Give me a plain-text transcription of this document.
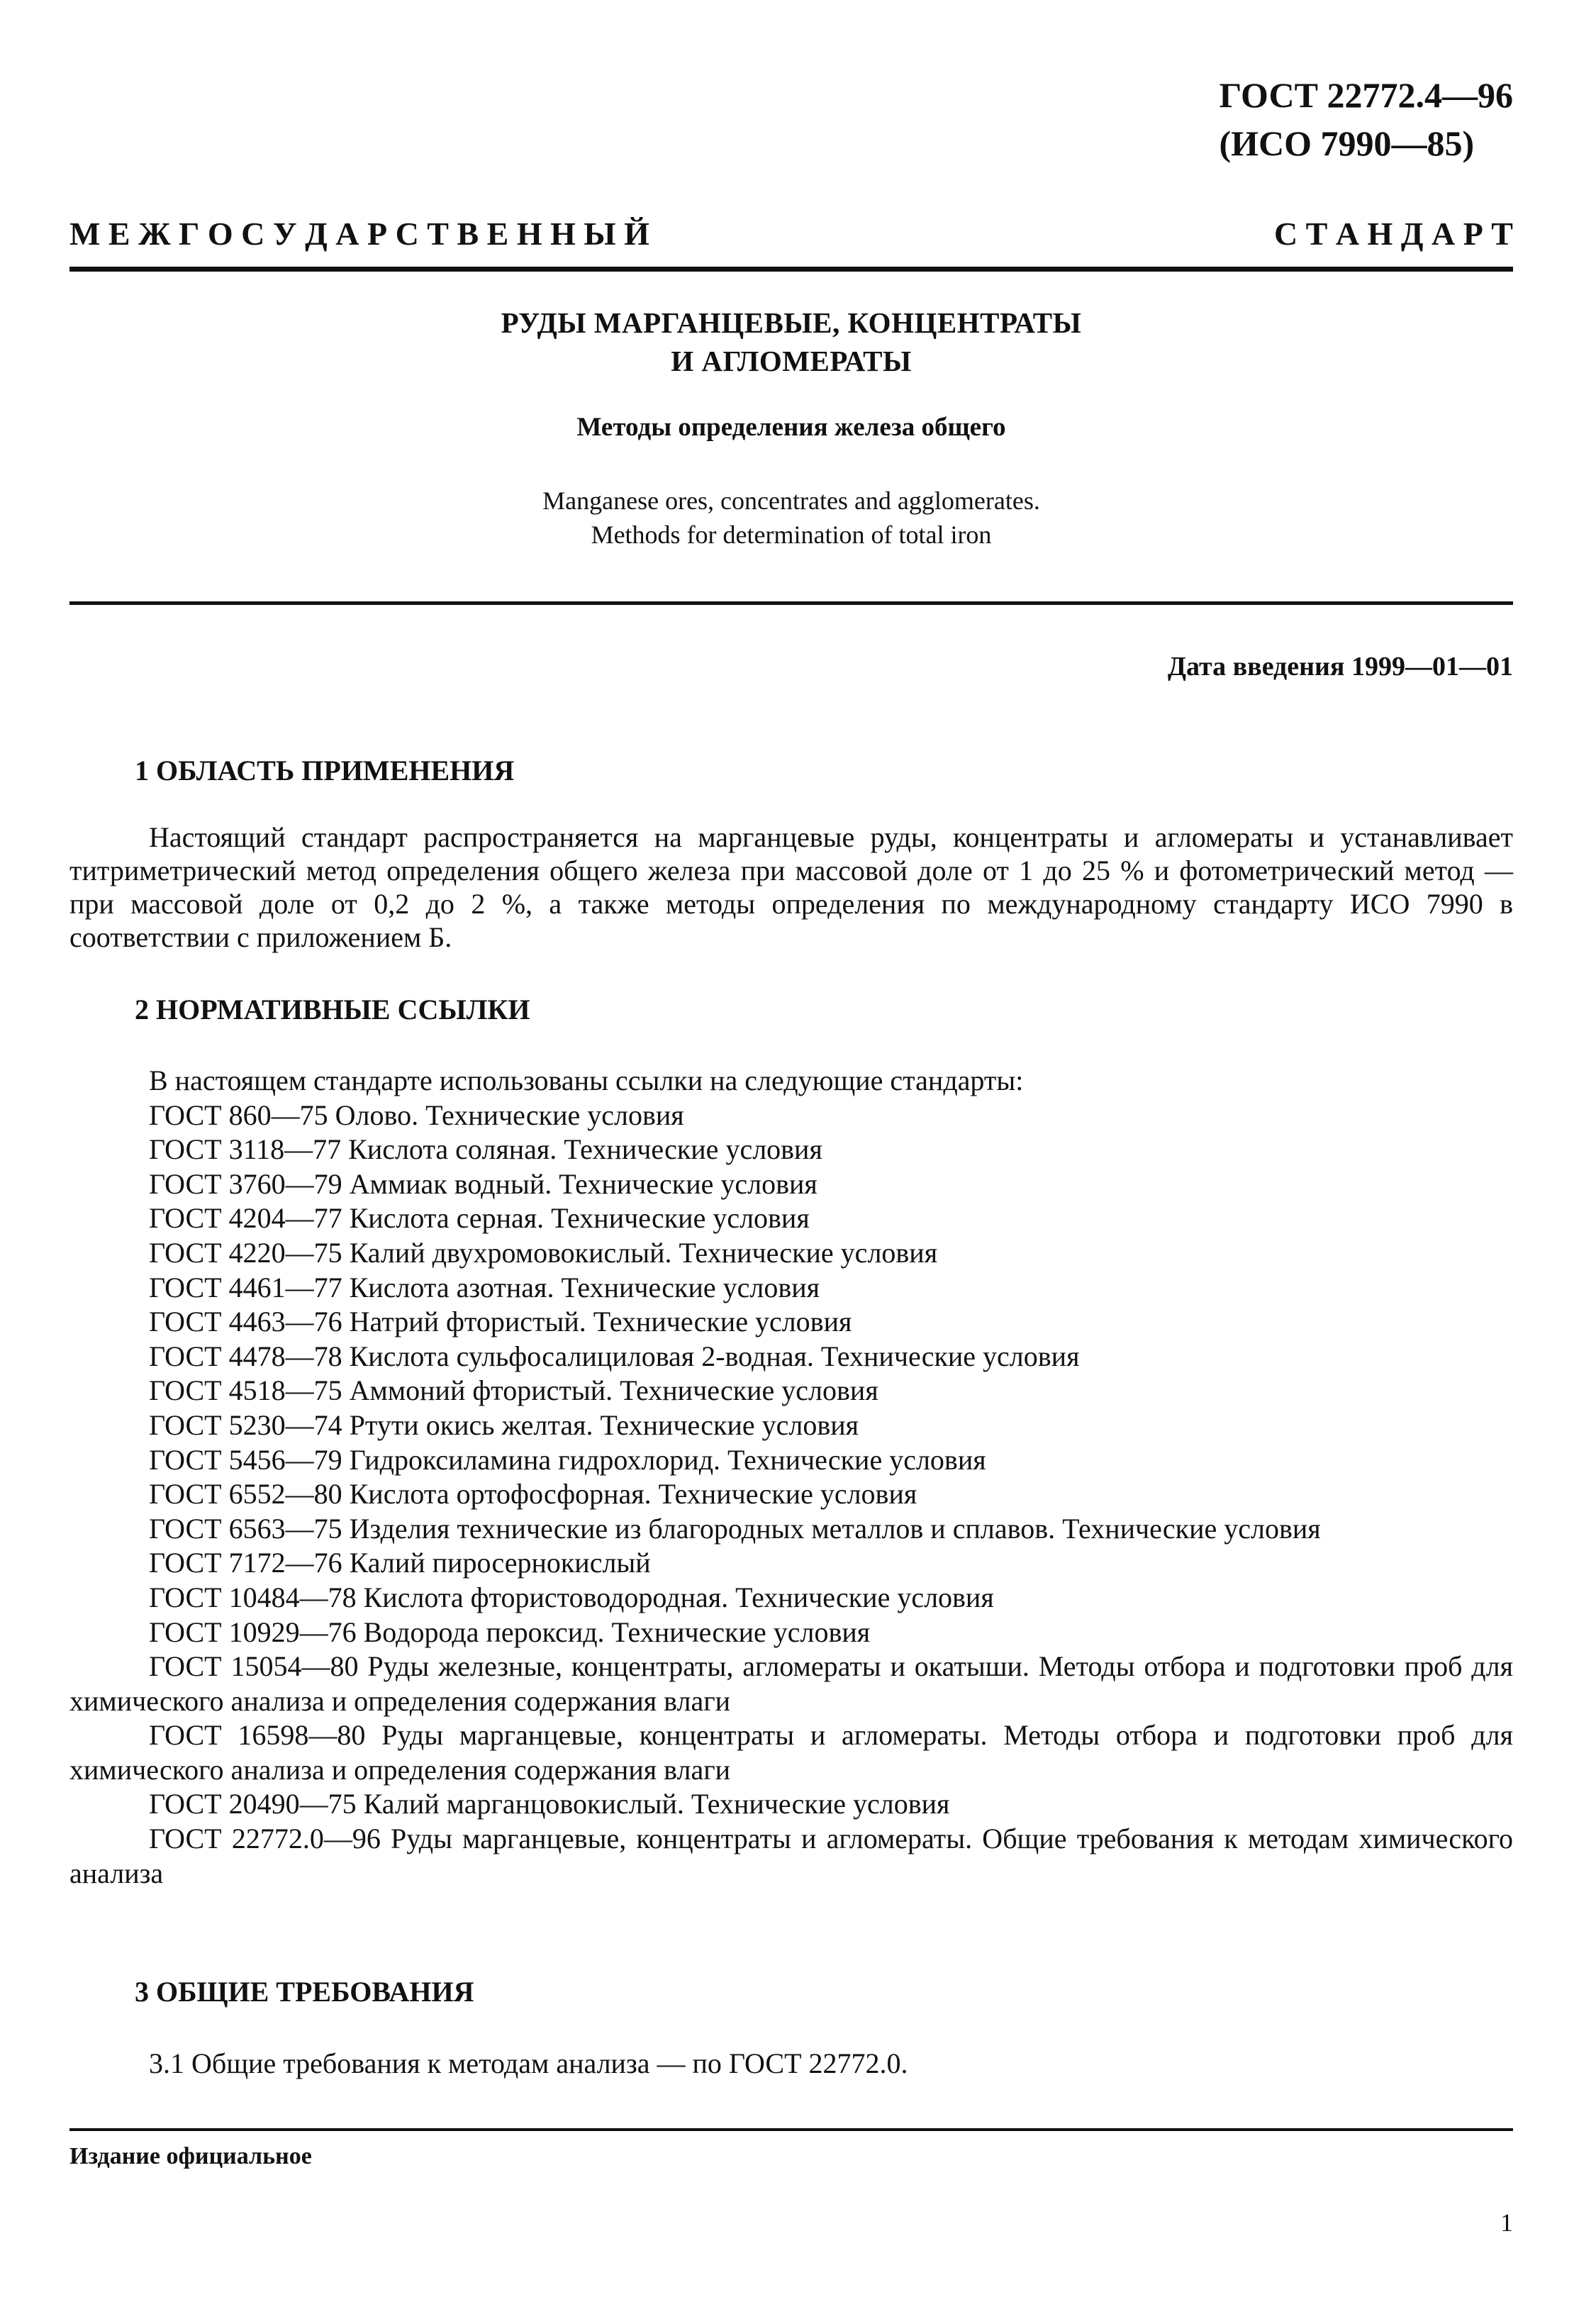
ГОСТ 22772.4—96
(ИСО 7990—85)
М Е Ж Г О С У Д А Р С Т В Е Н Н Ы Й	С Т А Н Д А Р Т
РУДЫ МАРГАНЦЕВЫЕ, КОНЦЕНТРАТЫ
И АГЛОМЕРАТЫ
Методы определения железа общего
Manganese ores, concentrates and agglomerates.
Methods for determination of total iron
Дата введения 1999—01—01
1 ОБЛАСТЬ ПРИМЕНЕНИЯ
Настоящий стандарт распространяется на марганцевые руды, концентраты и агломераты и устанавливает титриметрический метод определения общего железа при массовой доле от 1 до 25 % и фотометрический метод — при массовой доле от 0,2 до 2 %, а также методы определения по международному стандарту ИСО 7990 в соответствии с приложением Б.
2 НОРМАТИВНЫЕ ССЫЛКИ
В настоящем стандарте использованы ссылки на следующие стандарты:
ГОСТ 860—75 Олово. Технические условия
ГОСТ 3118—77 Кислота соляная. Технические условия
ГОСТ 3760—79 Аммиак водный. Технические условия
ГОСТ 4204—77 Кислота серная. Технические условия
ГОСТ 4220—75 Калий двухромовокислый. Технические условия
ГОСТ 4461—77 Кислота азотная. Технические условия
ГОСТ 4463—76 Натрий фтористый. Технические условия
ГОСТ 4478—78 Кислота сульфосалициловая 2-водная. Технические условия
ГОСТ 4518—75 Аммоний фтористый. Технические условия
ГОСТ 5230—74 Ртути окись желтая. Технические условия
ГОСТ 5456—79 Гидроксиламина гидрохлорид. Технические условия
ГОСТ 6552—80 Кислота ортофосфорная. Технические условия
ГОСТ 6563—75 Изделия технические из благородных металлов и сплавов. Технические условия
ГОСТ 7172—76 Калий пиросернокислый
ГОСТ 10484—78 Кислота фтористоводородная. Технические условия
ГОСТ 10929—76 Водорода пероксид. Технические условия
ГОСТ 15054—80 Руды железные, концентраты, агломераты и окатыши. Методы отбора и подготовки проб для химического анализа и определения содержания влаги
ГОСТ 16598—80 Руды марганцевые, концентраты и агломераты. Методы отбора и подготовки проб для химического анализа и определения содержания влаги
ГОСТ 20490—75 Калий марганцовокислый. Технические условия
ГОСТ 22772.0—96 Руды марганцевые, концентраты и агломераты. Общие требования к методам химического анализа
3 ОБЩИЕ ТРЕБОВАНИЯ
3.1 Общие требования к методам анализа — по ГОСТ 22772.0.
Издание официальное
1
